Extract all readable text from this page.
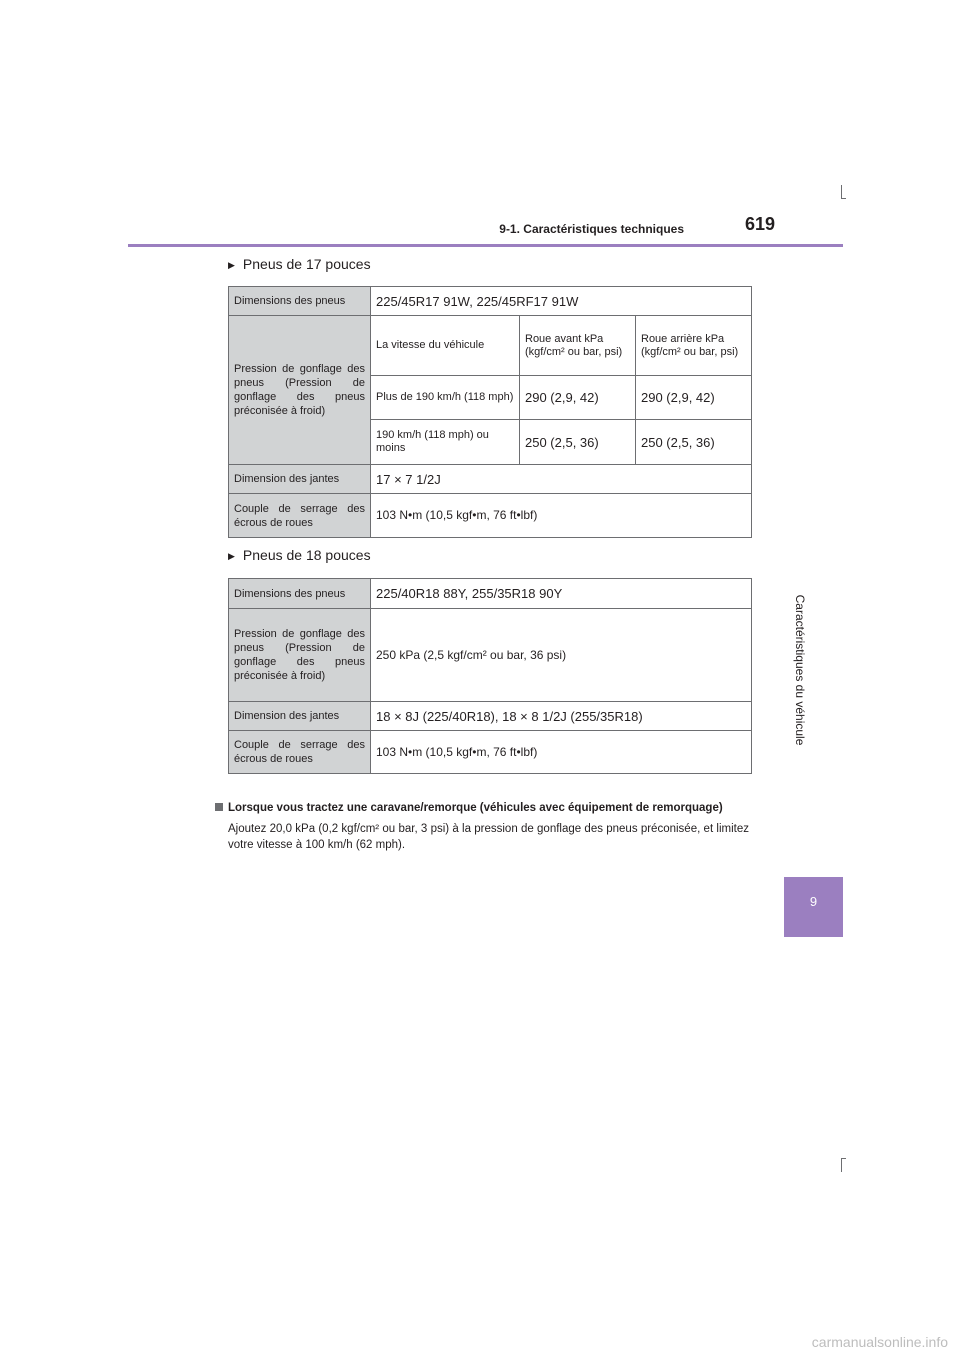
9-1. Caractéristiques techniques	619
Caractéristiques du véhicule
9
▶ Pneus de 17 pouces
Dimensions des pneus	225/45R17 91W, 225/45RF17 91W		
Pression de gonflage des pneus (Pression de gonflage des pneus préconisée à froid)	La vitesse du véhicule	Roue avant kPa (kgf/cm² ou bar, psi)	Roue arrière kPa (kgf/cm² ou bar, psi)
	Plus de 190 km/h (118 mph)	290 (2,9, 42)	290 (2,9, 42)
	190 km/h (118 mph) ou moins	250 (2,5, 36)	250 (2,5, 36)
Dimension des jantes	17 × 7 1/2J		
Couple de serrage des écrous de roues	103 N•m (10,5 kgf•m, 76 ft•lbf)		
▶ Pneus de 18 pouces
Dimensions des pneus	225/40R18 88Y, 255/35R18 90Y
Pression de gonflage des pneus (Pression de gonflage des pneus préconisée à froid)	250 kPa (2,5 kgf/cm² ou bar, 36 psi)
Dimension des jantes	18 × 8J (225/40R18), 18 × 8 1/2J (255/35R18)
Couple de serrage des écrous de roues	103 N•m (10,5 kgf•m, 76 ft•lbf)
Lorsque vous tractez une caravane/remorque (véhicules avec équipement de remorquage)
Ajoutez 20,0 kPa (0,2 kgf/cm² ou bar, 3 psi) à la pression de gonflage des pneus préconisée, et limitez votre vitesse à 100 km/h (62 mph).
carmanualsonline.info
